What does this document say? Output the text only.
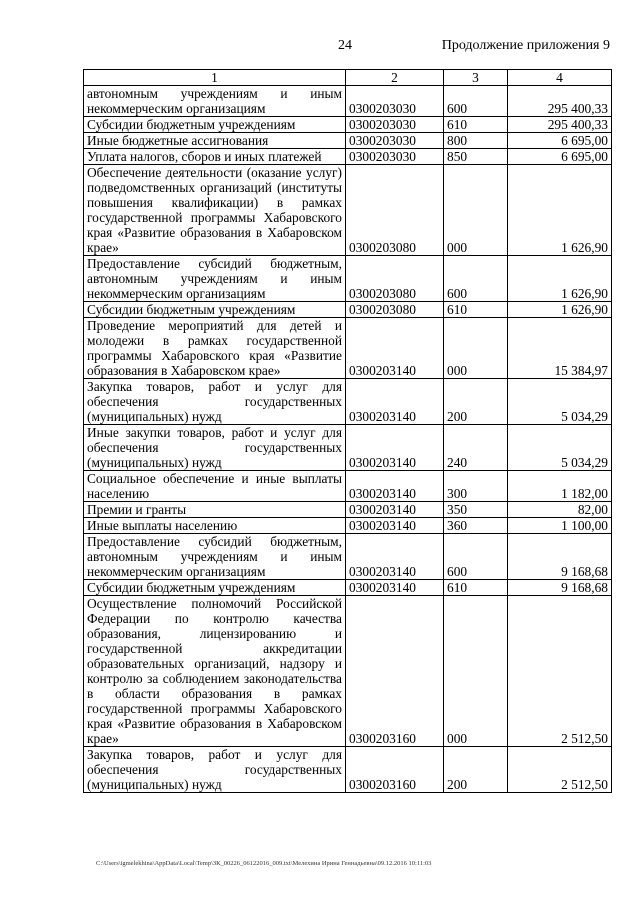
24	Продолжение приложения 9
1	2	3	4
автономным учреждениям и иным некоммерческим организациям	0300203030	600	295 400,33
Субсидии бюджетным учреждениям	0300203030	610	295 400,33
Иные бюджетные ассигнования	0300203030	800	6 695,00
Уплата налогов, сборов и иных платежей	0300203030	850	6 695,00
Обеспечение деятельности (оказание услуг) подведомственных организаций (институты повышения квалификации) в рамках государственной программы Хабаровского края «Развитие образования в Хабаровском крае»	0300203080	000	1 626,90
Предоставление субсидий бюджетным, автономным учреждениям и иным некоммерческим организациям	0300203080	600	1 626,90
Субсидии бюджетным учреждениям	0300203080	610	1 626,90
Проведение мероприятий для детей и молодежи в рамках государственной программы Хабаровского края «Развитие образования в Хабаровском крае»	0300203140	000	15 384,97
Закупка товаров, работ и услуг для обеспечения государственных (муниципальных) нужд	0300203140	200	5 034,29
Иные закупки товаров, работ и услуг для обеспечения государственных (муниципальных) нужд	0300203140	240	5 034,29
Социальное обеспечение и иные выплаты населению	0300203140	300	1 182,00
Премии и гранты	0300203140	350	82,00
Иные выплаты населению	0300203140	360	1 100,00
Предоставление субсидий бюджетным, автономным учреждениям и иным некоммерческим организациям	0300203140	600	9 168,68
Субсидии бюджетным учреждениям	0300203140	610	9 168,68
Осуществление полномочий Российской Федерации по контролю качества образования, лицензированию и государственной аккредитации образовательных организаций, надзору и контролю за соблюдением законодательства в области образования в рамках государственной программы Хабаровского края «Развитие образования в Хабаровском крае»	0300203160	000	2 512,50
Закупка товаров, работ и услуг для обеспечения государственных (муниципальных) нужд	0300203160	200	2 512,50
C:\Users\igmelekhina\AppData\Local\Temp\ЗК_00226_06122016_009.txt\Мелехина Ирина Геннадьевна\09.12.2016 10:11:03
